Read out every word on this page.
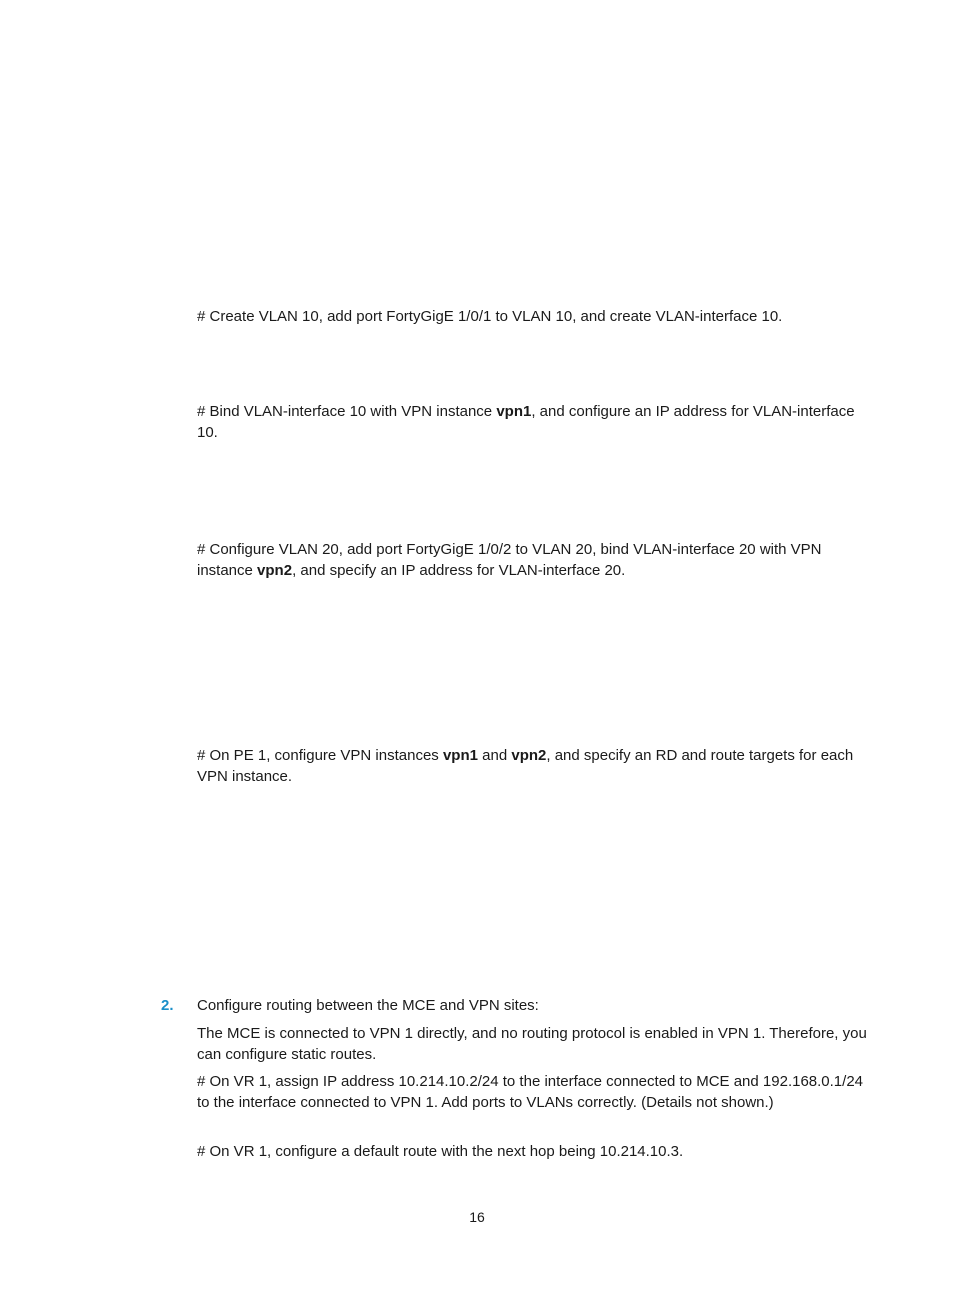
# Create VLAN 10, add port FortyGigE 1/0/1 to VLAN 10, and create VLAN-interface 10.

# Bind VLAN-interface 10 with VPN instance vpn1, and configure an IP address for VLAN-interface 10.

# Configure VLAN 20, add port FortyGigE 1/0/2 to VLAN 20, bind VLAN-interface 20 with VPN instance vpn2, and specify an IP address for VLAN-interface 20.

# On PE 1, configure VPN instances vpn1 and vpn2, and specify an RD and route targets for each VPN instance.

2. Configure routing between the MCE and VPN sites:

The MCE is connected to VPN 1 directly, and no routing protocol is enabled in VPN 1. Therefore, you can configure static routes.

# On VR 1, assign IP address 10.214.10.2/24 to the interface connected to MCE and 192.168.0.1/24 to the interface connected to VPN 1. Add ports to VLANs correctly. (Details not shown.)

# On VR 1, configure a default route with the next hop being 10.214.10.3.

16
